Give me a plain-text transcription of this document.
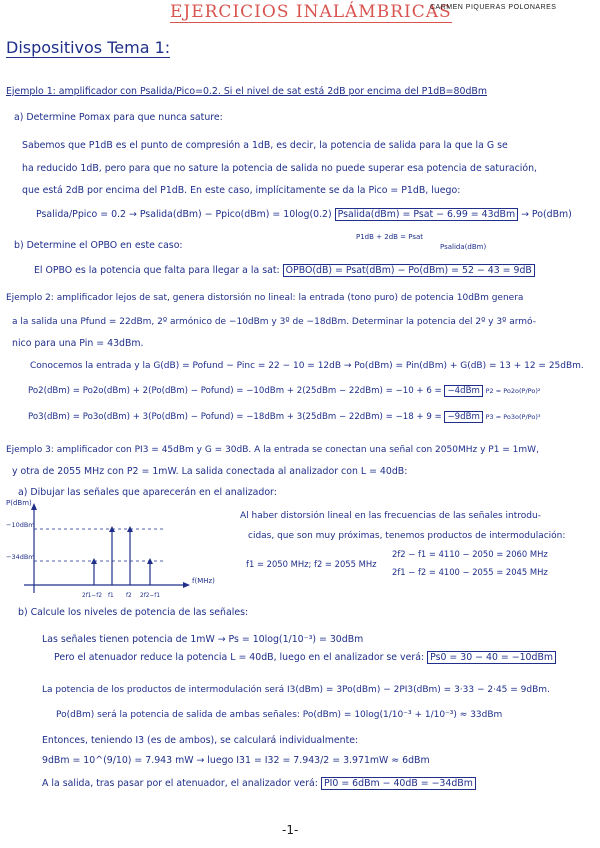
EJERCICIOS INALÁMBRICAS
CARMEN PIQUERAS POLONARES
Dispositivos Tema 1:
Ejemplo 1: amplificador con Psalida/Pico=0.2. Si el nivel de sat está 2dB por encima del P1dB=80dBm
a) Determine Pomax para que nunca sature:
Sabemos que P1dB es el punto de compresión a 1dB, es decir, la potencia de salida para la que la G se
ha reducido 1dB, pero para que no sature la potencia de salida no puede superar esa potencia de saturación,
que está 2dB por encima del P1dB. En este caso, implícitamente se da la Pico = P1dB, luego:
Psalida/Ppico = 0.2 → Psalida(dBm) − Ppico(dBm) = 10log(0.2) Psalida(dBm) = Psat − 6.99 = 43dBm → Po(dBm)
P1dB + 2dB = Psat
Psalida(dBm)
b) Determine el OPBO en este caso:
El OPBO es la potencia que falta para llegar a la sat: OPBO(dB) = Psat(dBm) − Po(dBm) = 52 − 43 = 9dB
Ejemplo 2: amplificador lejos de sat, genera distorsión no lineal: la entrada (tono puro) de potencia 10dBm genera
a la salida una Pfund = 22dBm, 2º armónico de −10dBm y 3º de −18dBm. Determinar la potencia del 2º y 3º armó-
nico para una Pin = 43dBm.
Conocemos la entrada y la G(dB) = Pofund − Pinc = 22 − 10 = 12dB → Po(dBm) = Pin(dBm) + G(dB) = 13 + 12 = 25dBm.
Po2(dBm) = Po2o(dBm) + 2(Po(dBm) − Pofund) = −10dBm + 2(25dBm − 22dBm) = −10 + 6 = −4dBm P2 = Po2o(P/Po)²
Po3(dBm) = Po3o(dBm) + 3(Po(dBm) − Pofund) = −18dBm + 3(25dBm − 22dBm) = −18 + 9 = −9dBm P3 = Po3o(P/Po)³
Ejemplo 3: amplificador con PI3 = 45dBm y G = 30dB. A la entrada se conectan una señal con 2050MHz y P1 = 1mW,
y otra de 2055 MHz con P2 = 1mW. La salida conectada al analizador con L = 40dB:
a) Dibujar las señales que aparecerán en el analizador:
P(dBm)
−10dBm
−34dBm
f(MHz)
2f1−f2 f1 f2 2f2−f1
Al haber distorsión lineal en las frecuencias de las señales introdu-
cidas, que son muy próximas, tenemos productos de intermodulación:
2f2 − f1 = 4110 − 2050 = 2060 MHz
2f1 − f2 = 4100 − 2055 = 2045 MHz
f1 = 2050 MHz; f2 = 2055 MHz
b) Calcule los niveles de potencia de las señales:
Las señales tienen potencia de 1mW → Ps = 10log(1/10⁻³) = 30dBm
Pero el atenuador reduce la potencia L = 40dB, luego en el analizador se verá: Ps0 = 30 − 40 = −10dBm
La potencia de los productos de intermodulación será I3(dBm) = 3Po(dBm) − 2PI3(dBm) = 3·33 − 2·45 = 9dBm.
Po(dBm) será la potencia de salida de ambas señales: Po(dBm) = 10log(1/10⁻³ + 1/10⁻³) ≈ 33dBm
Entonces, teniendo I3 (es de ambos), se calculará individualmente:
9dBm = 10^(9/10) = 7.943 mW → luego I31 = I32 = 7.943/2 = 3.971mW ≈ 6dBm
A la salida, tras pasar por el atenuador, el analizador verá: PI0 = 6dBm − 40dB = −34dBm
-1-
